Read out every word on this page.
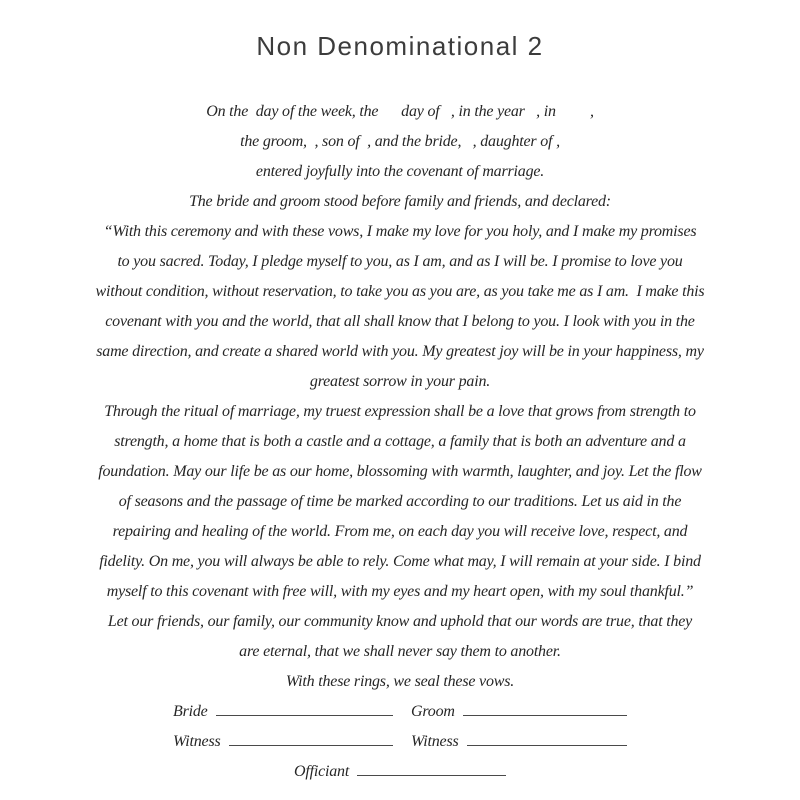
Non Denominational 2
On the  day of the week, the      day of   , in the year   , in         ,
the groom,  , son of  , and the bride,   , daughter of ,
entered joyfully into the covenant of marriage.
The bride and groom stood before family and friends, and declared:
“With this ceremony and with these vows, I make my love for you holy, and I make my promises
to you sacred. Today, I pledge myself to you, as I am, and as I will be. I promise to love you
without condition, without reservation, to take you as you are, as you take me as I am.  I make this
covenant with you and the world, that all shall know that I belong to you. I look with you in the
same direction, and create a shared world with you. My greatest joy will be in your happiness, my
greatest sorrow in your pain.
Through the ritual of marriage, my truest expression shall be a love that grows from strength to
strength, a home that is both a castle and a cottage, a family that is both an adventure and a
foundation. May our life be as our home, blossoming with warmth, laughter, and joy. Let the flow
of seasons and the passage of time be marked according to our traditions. Let us aid in the
repairing and healing of the world. From me, on each day you will receive love, respect, and
fidelity. On me, you will always be able to rely. Come what may, I will remain at your side. I bind
myself to this covenant with free will, with my eyes and my heart open, with my soul thankful.”
Let our friends, our family, our community know and uphold that our words are true, that they
are eternal, that we shall never say them to another.
With these rings, we seal these vows.
Bride	Groom
Witness	Witness
Officiant
